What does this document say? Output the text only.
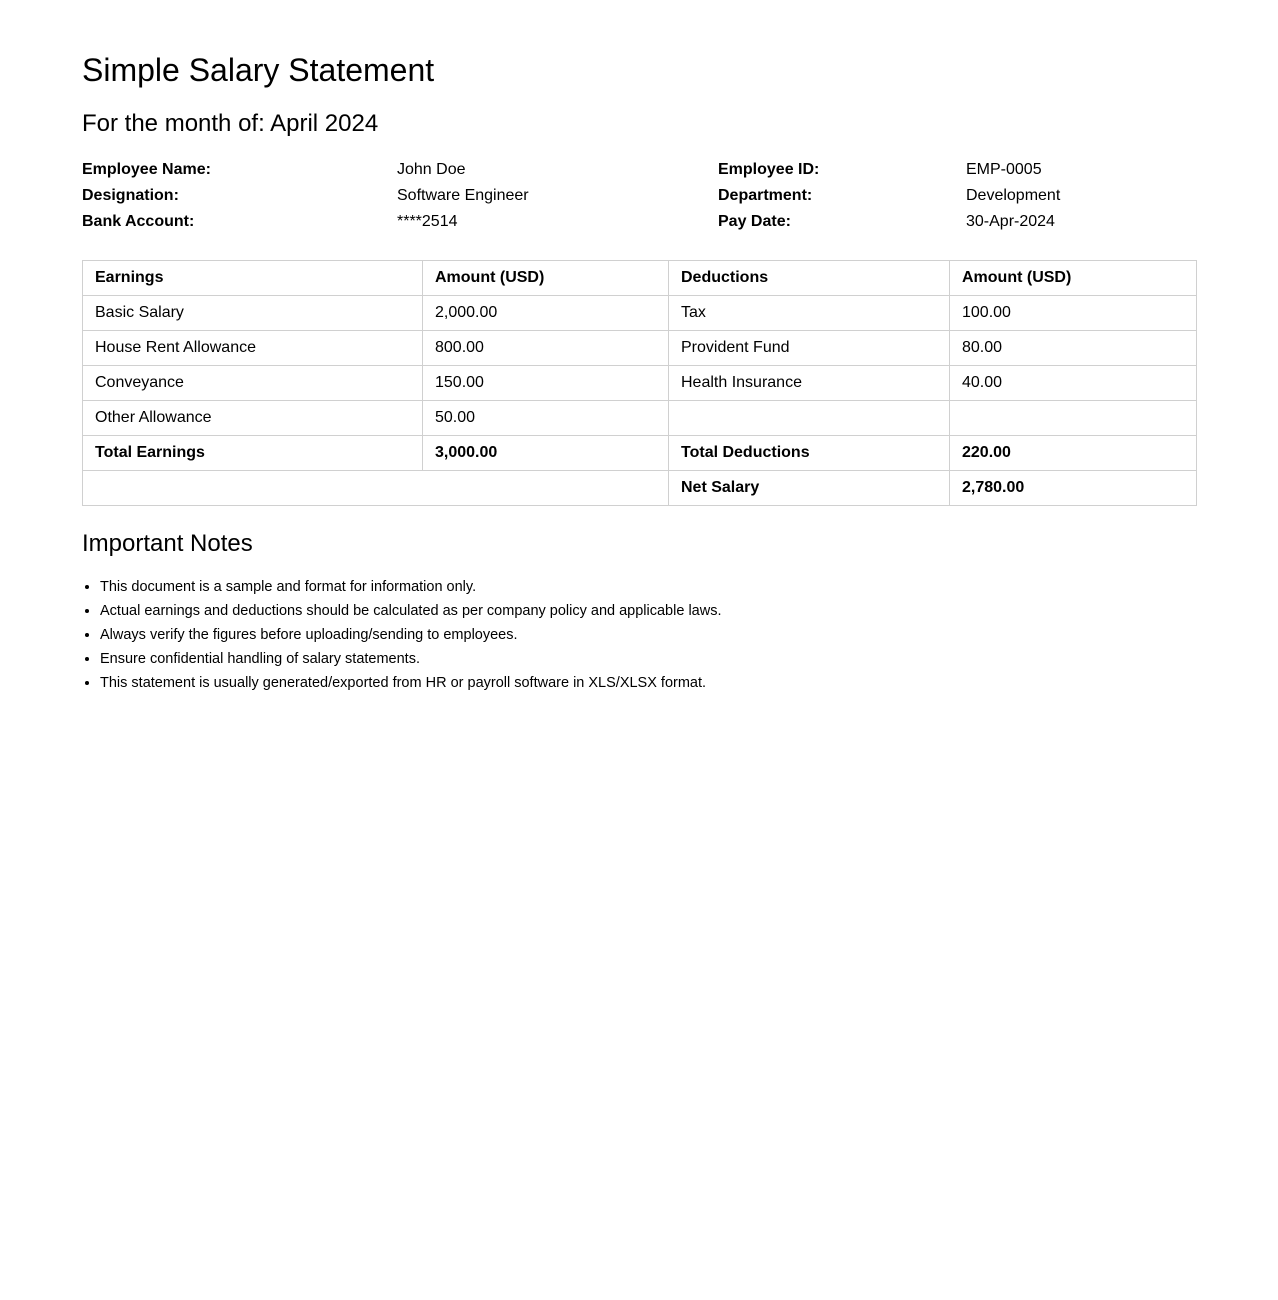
Simple Salary Statement
For the month of: April 2024
Employee Name:	John Doe	Employee ID:	EMP-0005
Designation:	Software Engineer	Department:	Development
Bank Account:	****2514	Pay Date:	30-Apr-2024
Earnings	Amount (USD)	Deductions	Amount (USD)
Basic Salary	2,000.00	Tax	100.00
House Rent Allowance	800.00	Provident Fund	80.00
Conveyance	150.00	Health Insurance	40.00
Other Allowance	50.00		
Total Earnings	3,000.00	Total Deductions	220.00
		Net Salary	2,780.00
Important Notes
• This document is a sample and format for information only.
• Actual earnings and deductions should be calculated as per company policy and applicable laws.
• Always verify the figures before uploading/sending to employees.
• Ensure confidential handling of salary statements.
• This statement is usually generated/exported from HR or payroll software in XLS/XLSX format.
